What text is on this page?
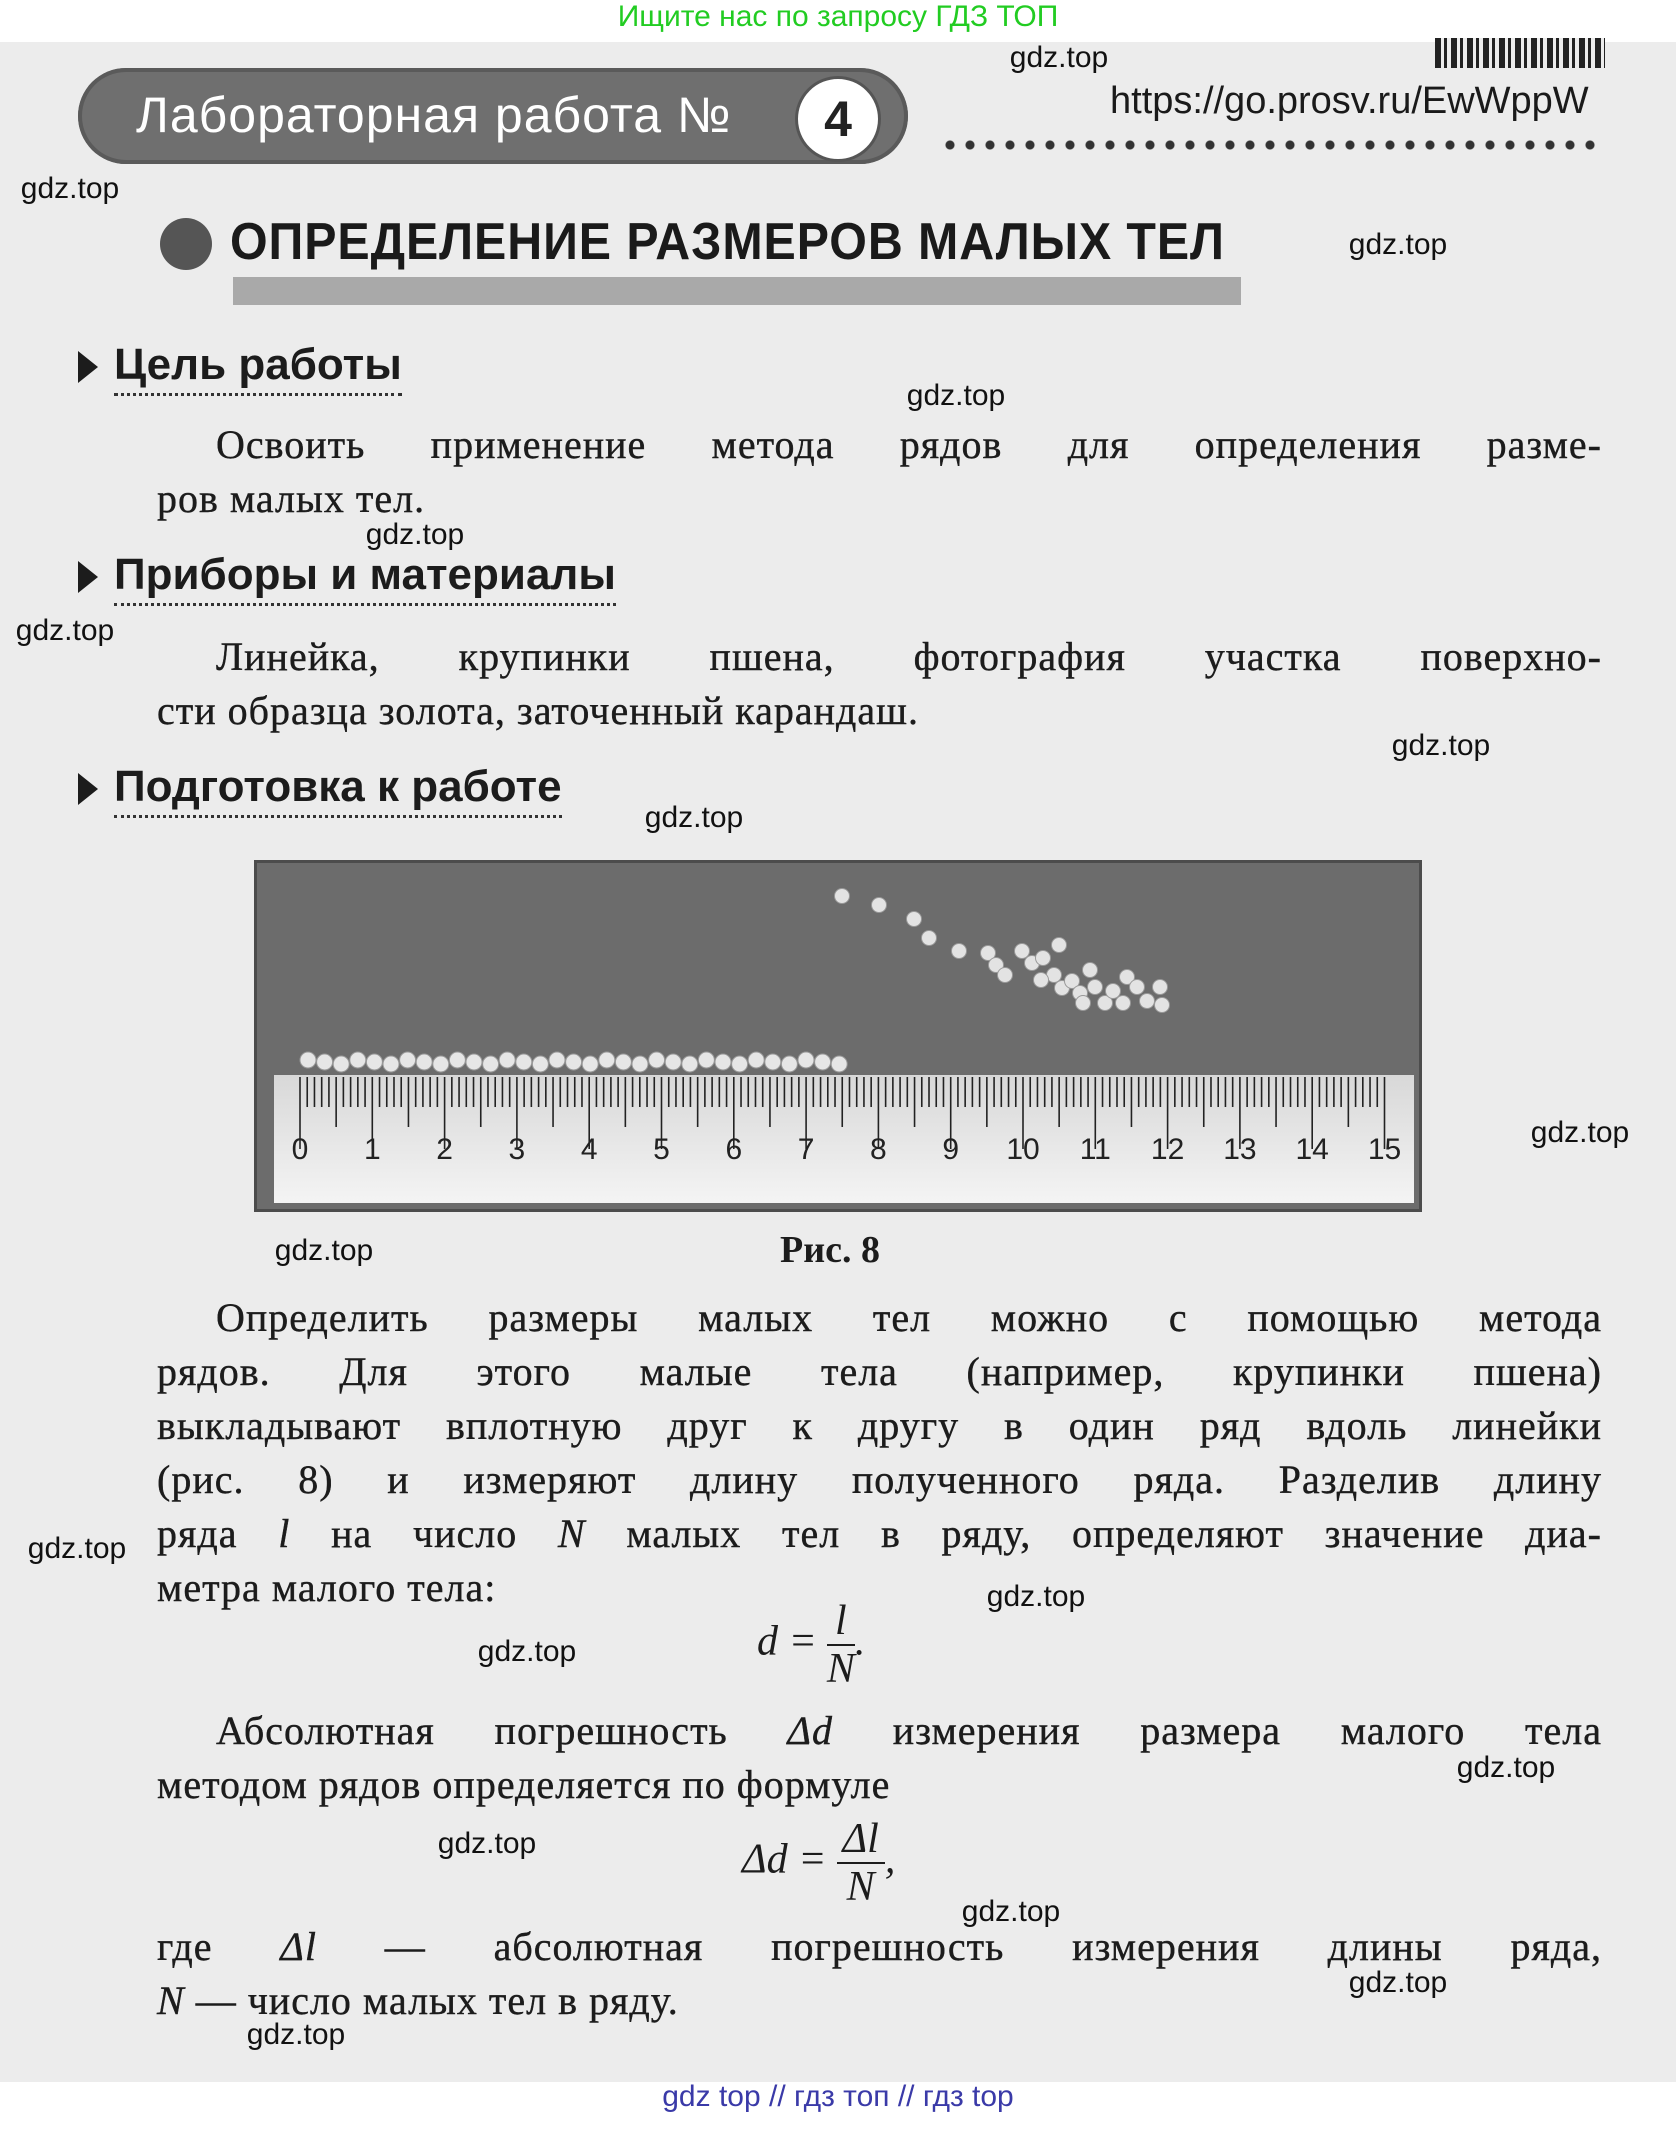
Ищите нас по запросу ГДЗ ТОП
Лабораторная работа №	4	https://go.prosv.ru/EwWppW
ОПРЕДЕЛЕНИЕ РАЗМЕРОВ МАЛЫХ ТЕЛ
Цель работы
Освоить применение метода рядов для определения разме-
ров малых тел.
Приборы и материалы
Линейка, крупинки пшена, фотография участка поверхно-
сти образца золота, заточенный карандаш.
Подготовка к работе
0 1 2 3 4 5 6 7 8 9 10 11 12 13 14 15
Рис. 8
Определить размеры малых тел можно с помощью метода
рядов. Для этого малые тела (например, крупинки пшена)
выкладывают вплотную друг к другу в один ряд вдоль линейки
(рис. 8) и измеряют длину полученного ряда. Разделив длину
ряда l на число N малых тел в ряду, определяют значение диа-
метра малого тела:
$d = \frac{l}{N}$ .
Абсолютная погрешность Δd измерения размера малого тела
методом рядов определяется по формуле
$\Delta d = \frac{\Delta l}{N}$ ,
где Δl — абсолютная погрешность измерения длины ряда,
N — число малых тел в ряду.
gdz.top
gdz.top
gdz.top
gdz.top
gdz.top
gdz.top
gdz.top
gdz.top
gdz.top
gdz.top
gdz.top
gdz.top
gdz.top
gdz.top
gdz.top
gdz.top
gdz.top
gdz.top
gdz top // гдз топ // гдз top
